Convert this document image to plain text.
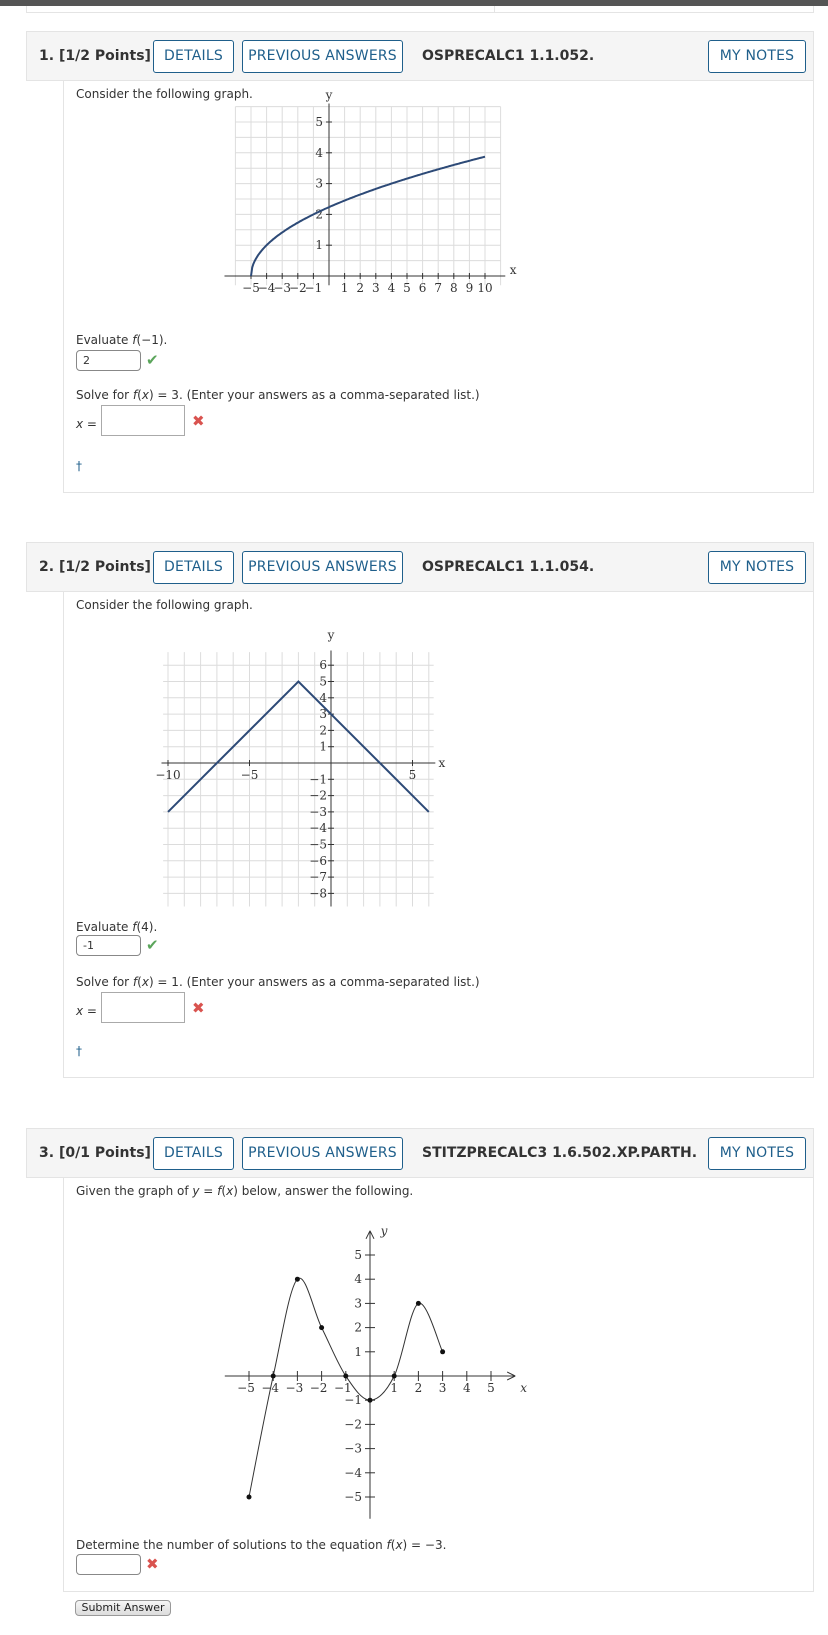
1. [1/2 Points] DETAILS	PREVIOUS ANSWERS	OSPRECALC1 1.1.052.	MY NOTES
Consider the following graph.
−5
−4
−3
−2
−1 1 2 3 4 5 6 7 8 9 10
1
2
3
4
5
x
y
Evaluate f(−1).
2	✔
Solve for f(x) = 3. (Enter your answers as a comma-separated list.)
x =	✖
†
2. [1/2 Points] DETAILS	PREVIOUS ANSWERS	OSPRECALC1 1.1.054.	MY NOTES
Consider the following graph.
−10	−5	5
1
2
3
4
5
6
−1
−2
−3
−4
−5
−6
−7
−8
x
y
Evaluate f(4).
-1	✔
Solve for f(x) = 1. (Enter your answers as a comma-separated list.)
x =	✖
†
3. [0/1 Points] DETAILS	PREVIOUS ANSWERS	STITZPRECALC3 1.6.502.XP.PARTH.	MY NOTES
Given the graph of y = f(x) below, answer the following.
−5 −4 −3 −2 −1	1 2 3 4 5
1
2
3
4
5
−1
−2
−3
−4
−5
x
y
Determine the number of solutions to the equation f(x) = −3.
✖
Submit Answer
